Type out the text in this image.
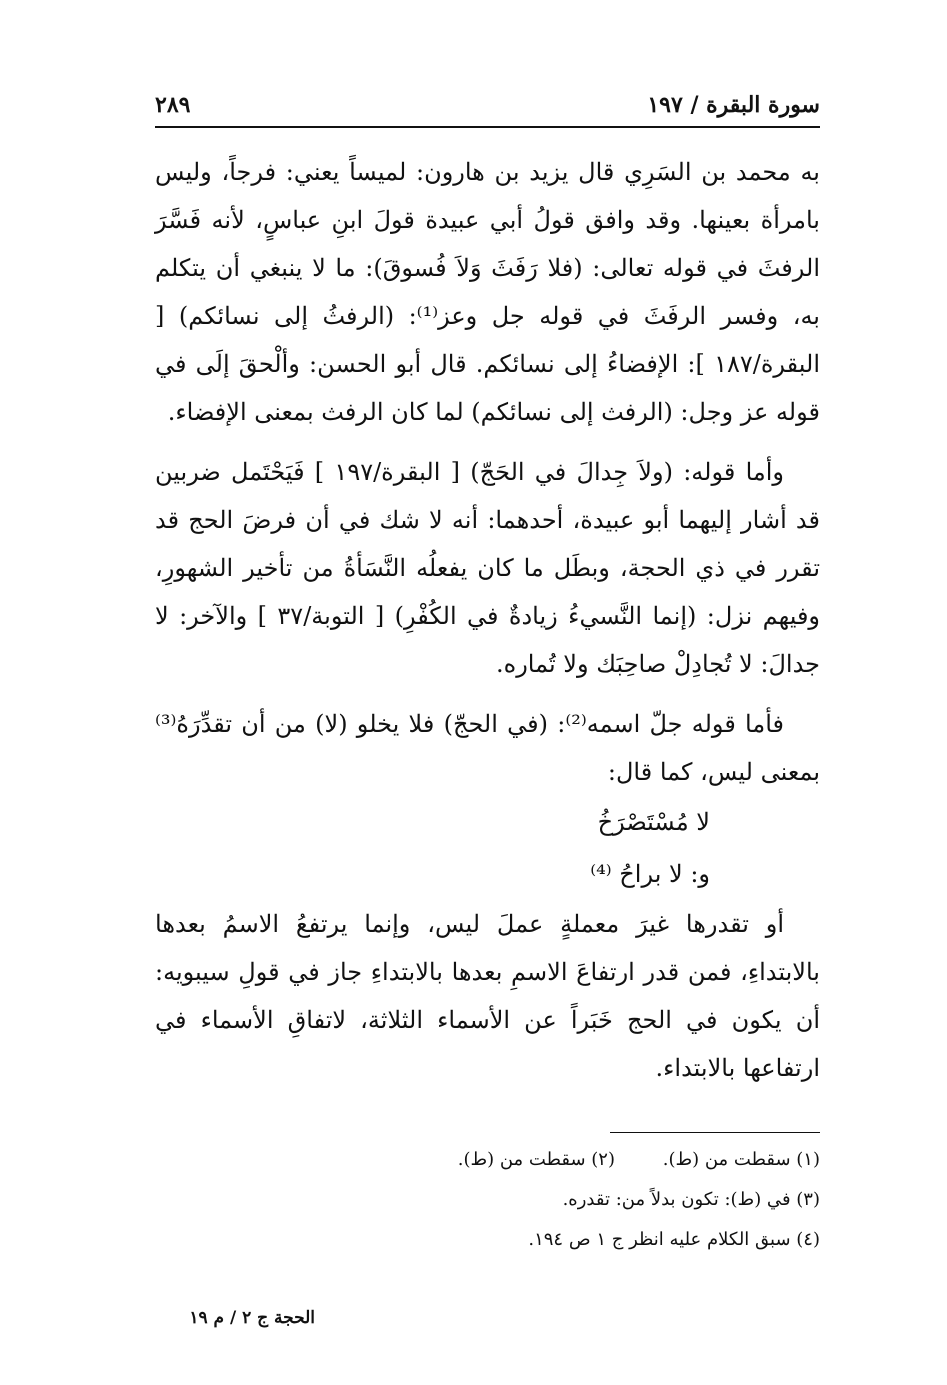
سورة البقرة / ١٩٧
٢٨٩

به محمد بن السَرِي قال يزيد بن هارون: لميساً يعني: فرجاً، وليس بامرأة بعينها. وقد وافق قولُ أبي عبيدة قولَ ابنِ عباسٍ، لأنه فَسَّرَ الرفثَ في قوله تعالى: (فلا رَفَثَ وَلاَ فُسوقَ): ما لا ينبغي أن يتكلم به، وفسر الرفَثَ في قوله جل وعز⁽¹⁾: (الرفثُ إلى نسائكم) [ البقرة/١٨٧ ]: الإفضاءُ إلى نسائكم. قال أبو الحسن: وألْحقَ إلَى في قوله عز وجل: (الرفث إلى نسائكم) لما كان الرفث بمعنى الإفضاء.

وأما قوله: (ولاَ جِدالَ في الحَجّ) [ البقرة/١٩٧ ] فَيَحْتَمل ضربين قد أشار إليهما أبو عبيدة، أحدهما: أنه لا شك في أن فرضَ الحج قد تقرر في ذي الحجة، وبطَل ما كان يفعلُه النَّسَأةُ من تأخير الشهورِ، وفيهم نزل: (إنما النَّسيءُ زيادةٌ في الكُفْرِ) [ التوبة/٣٧ ] والآخر: لا جدالَ: لا تُجادِلْ صاحِبَك ولا تُماره.

فأما قوله جلّ اسمه⁽²⁾: (في الحجّ) فلا يخلو (لا) من أن تقدِّرَهُ⁽³⁾ بمعنى ليس، كما قال:

لا مُسْتَصْرَخُ

و: لا براحُ ⁽⁴⁾

أو تقدرها غيرَ معملةٍ عملَ ليس، وإنما يرتفعُ الاسمُ بعدها بالابتداءِ، فمن قدر ارتفاعَ الاسمِ بعدها بالابتداءِ جاز في قولِ سيبويه: أن يكون في الحج خَبَراً عن الأسماء الثلاثة، لاتفاقِ الأسماء في ارتفاعها بالابتداء.

(١) سقطت من (ط).

(٢) سقطت من (ط).

(٣) في (ط): تكون بدلاً من: تقدره.

(٤) سبق الكلام عليه انظر ج ١ ص ١٩٤.

الحجة ج ٢ / م ١٩
